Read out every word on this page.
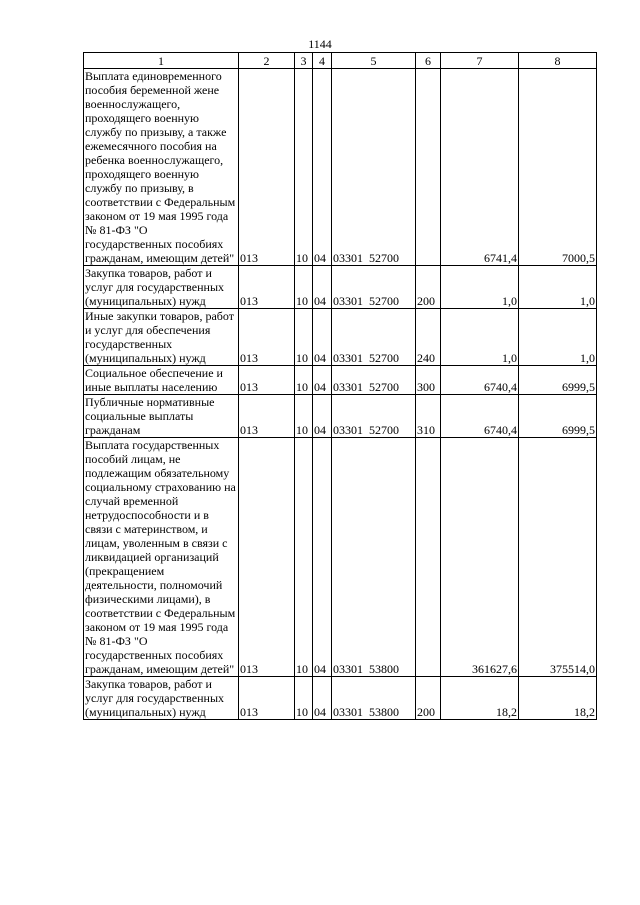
1144
1	2	3	4	5	6	7	8
Выплата единовременного пособия беременной жене военнослужащего, проходящего военную службу по призыву, а также ежемесячного пособия на ребенка военнослужащего, проходящего военную службу по призыву, в соответствии с Федеральным законом от 19 мая 1995 года № 81-ФЗ "О государственных пособиях гражданам, имеющим детей"	013	10	04	03301  52700		6741,4	7000,5
Закупка товаров, работ и услуг для государственных (муниципальных) нужд	013	10	04	03301  52700	200	1,0	1,0
Иные закупки товаров, работ и услуг для обеспечения государственных (муниципальных) нужд	013	10	04	03301  52700	240	1,0	1,0
Социальное обеспечение и иные выплаты населению	013	10	04	03301  52700	300	6740,4	6999,5
Публичные нормативные социальные выплаты гражданам	013	10	04	03301  52700	310	6740,4	6999,5
Выплата государственных пособий лицам, не подлежащим обязательному социальному страхованию на случай временной нетрудоспособности и в связи с материнством, и лицам, уволенным в связи с ликвидацией организаций (прекращением деятельности, полномочий физическими лицами), в соответствии с Федеральным законом от 19 мая 1995 года № 81-ФЗ "О государственных пособиях гражданам, имеющим детей"	013	10	04	03301  53800		361627,6	375514,0
Закупка товаров, работ и услуг для государственных (муниципальных) нужд	013	10	04	03301  53800	200	18,2	18,2
